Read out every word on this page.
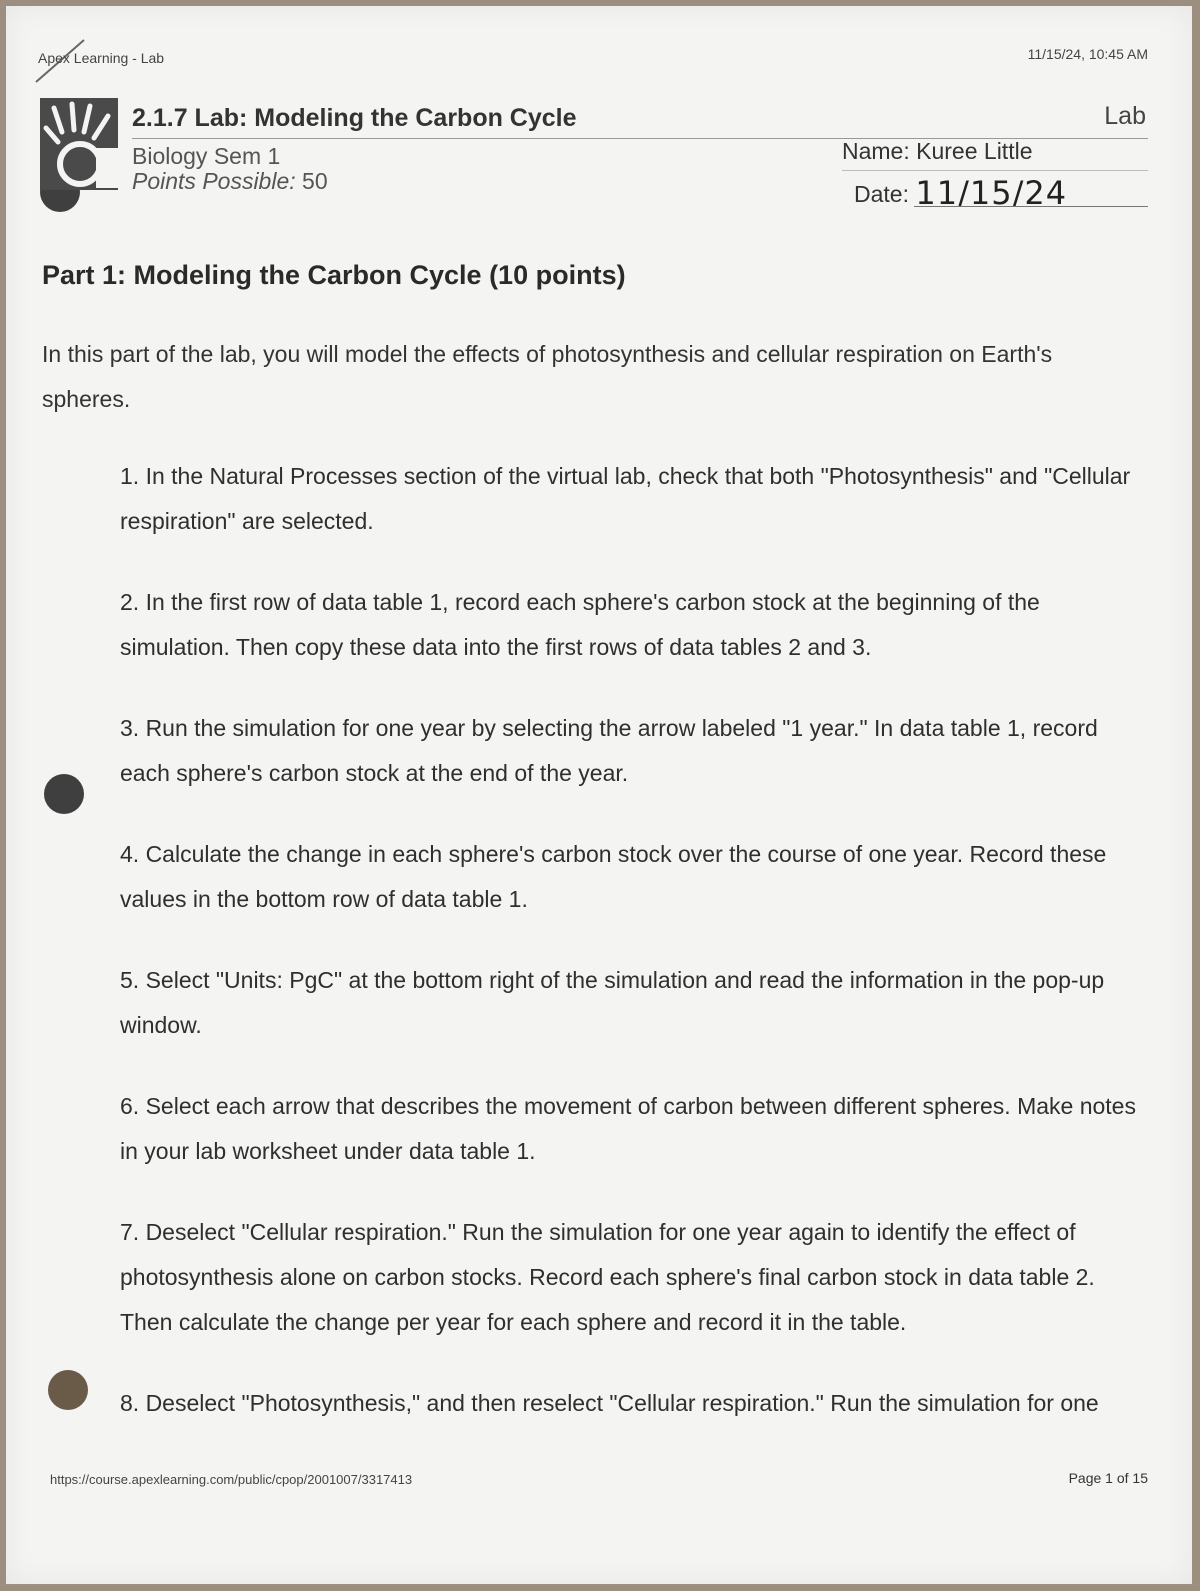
Apex Learning - Lab	11/15/24, 10:45 AM
2.1.7 Lab: Modeling the Carbon Cycle	Lab
Biology Sem 1
Points Possible: 50
Name: Kuree Little
Date: 11/15/24
Part 1: Modeling the Carbon Cycle (10 points)
In this part of the lab, you will model the effects of photosynthesis and cellular respiration on Earth's spheres.
1. In the Natural Processes section of the virtual lab, check that both "Photosynthesis" and "Cellular respiration" are selected.
2. In the first row of data table 1, record each sphere's carbon stock at the beginning of the simulation. Then copy these data into the first rows of data tables 2 and 3.
3. Run the simulation for one year by selecting the arrow labeled "1 year." In data table 1, record each sphere's carbon stock at the end of the year.
4. Calculate the change in each sphere's carbon stock over the course of one year. Record these values in the bottom row of data table 1.
5. Select "Units: PgC" at the bottom right of the simulation and read the information in the pop-up window.
6. Select each arrow that describes the movement of carbon between different spheres. Make notes in your lab worksheet under data table 1.
7. Deselect "Cellular respiration." Run the simulation for one year again to identify the effect of photosynthesis alone on carbon stocks. Record each sphere's final carbon stock in data table 2. Then calculate the change per year for each sphere and record it in the table.
8. Deselect "Photosynthesis," and then reselect "Cellular respiration." Run the simulation for one
https://course.apexlearning.com/public/cpop/2001007/3317413	Page 1 of 15
